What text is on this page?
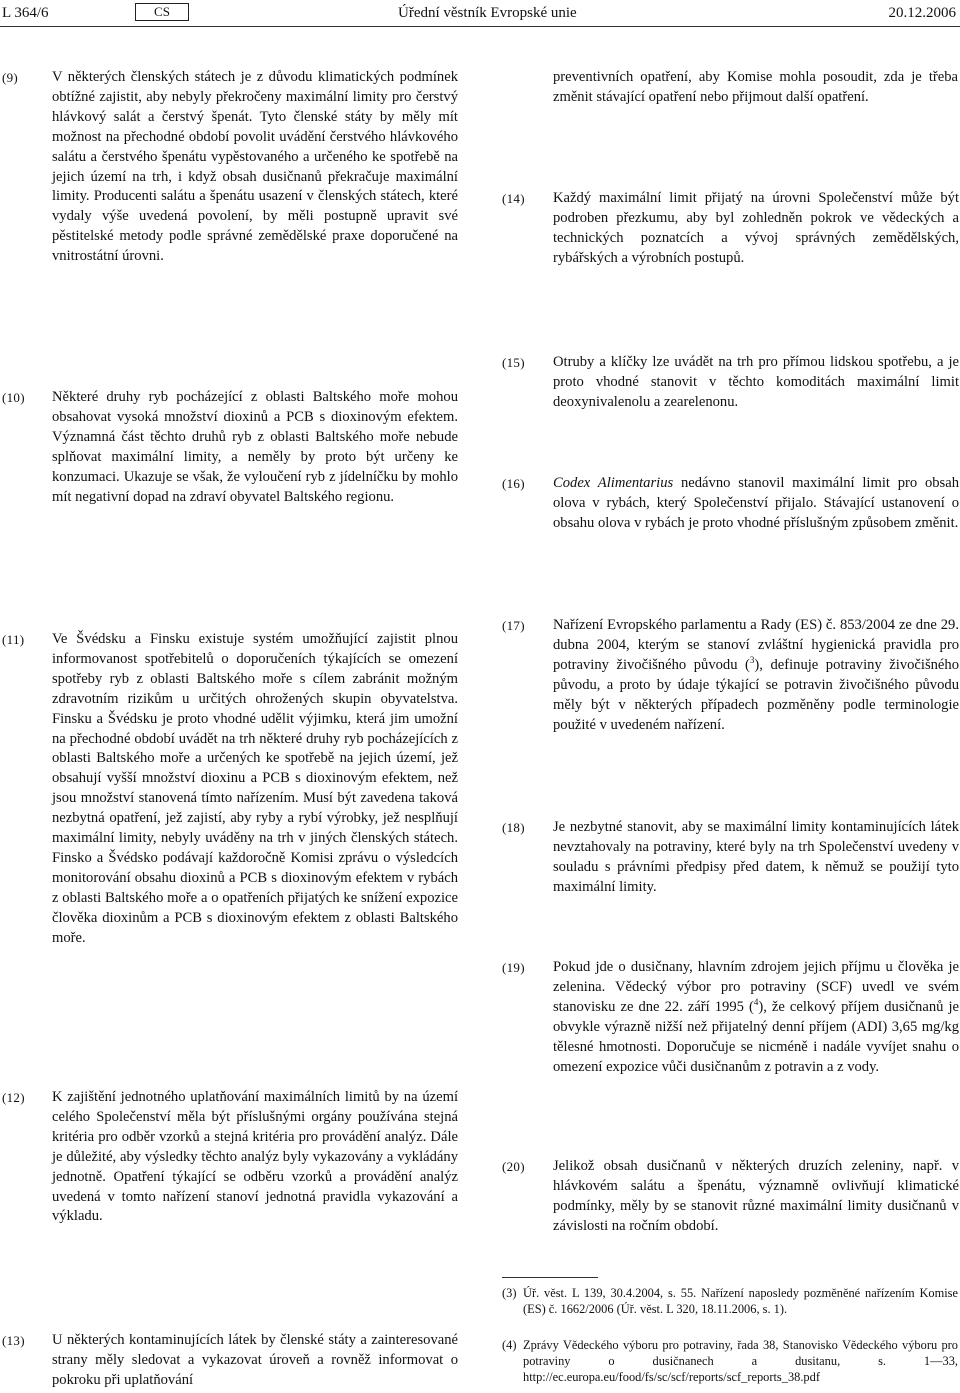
L 364/6	CS	Úřední věstník Evropské unie	20.12.2006
(9) V některých členských státech je z důvodu klimatických podmínek obtížné zajistit, aby nebyly překročeny maximální limity pro čerstvý hlávkový salát a čerstvý špenát. Tyto členské státy by měly mít možnost na přechodné období povolit uvádění čerstvého hlávkového salátu a čerstvého špenátu vypěstovaného a určeného ke spotřebě na jejich území na trh, i když obsah dusičnanů překračuje maximální limity. Producenti salátu a špenátu usazení v členských státech, které vydaly výše uvedená povolení, by měli postupně upravit své pěstitelské metody podle správné zemědělské praxe doporučené na vnitrostátní úrovni.
(10) Některé druhy ryb pocházející z oblasti Baltského moře mohou obsahovat vysoká množství dioxinů a PCB s dioxinovým efektem. Významná část těchto druhů ryb z oblasti Baltského moře nebude splňovat maximální limity, a neměly by proto být určeny ke konzumaci. Ukazuje se však, že vyloučení ryb z jídelníčku by mohlo mít negativní dopad na zdraví obyvatel Baltského regionu.
(11) Ve Švédsku a Finsku existuje systém umožňující zajistit plnou informovanost spotřebitelů o doporučeních týkajících se omezení spotřeby ryb z oblasti Baltského moře s cílem zabránit možným zdravotním rizikům u určitých ohrožených skupin obyvatelstva. Finsku a Švédsku je proto vhodné udělit výjimku, která jim umožní na přechodné období uvádět na trh některé druhy ryb pocházejících z oblasti Baltského moře a určených ke spotřebě na jejich území, jež obsahují vyšší množství dioxinu a PCB s dioxinovým efektem, než jsou množství stanovená tímto nařízením. Musí být zavedena taková nezbytná opatření, jež zajistí, aby ryby a rybí výrobky, jež nesplňují maximální limity, nebyly uváděny na trh v jiných členských státech. Finsko a Švédsko podávají každoročně Komisi zprávu o výsledcích monitorování obsahu dioxinů a PCB s dioxinovým efektem v rybách z oblasti Baltského moře a o opatřeních přijatých ke snížení expozice člověka dioxinům a PCB s dioxinovým efektem z oblasti Baltského moře.
(12) K zajištění jednotného uplatňování maximálních limitů by na území celého Společenství měla být příslušnými orgány používána stejná kritéria pro odběr vzorků a stejná kritéria pro provádění analýz. Dále je důležité, aby výsledky těchto analýz byly vykazovány a vykládány jednotně. Opatření týkající se odběru vzorků a provádění analýz uvedená v tomto nařízení stanoví jednotná pravidla vykazování a výkladu.
(13) U některých kontaminujících látek by členské státy a zainteresované strany měly sledovat a vykazovat úroveň a rovněž informovat o pokroku při uplatňování
preventivních opatření, aby Komise mohla posoudit, zda je třeba změnit stávající opatření nebo přijmout další opatření.
(14) Každý maximální limit přijatý na úrovni Společenství může být podroben přezkumu, aby byl zohledněn pokrok ve vědeckých a technických poznatcích a vývoj správných zemědělských, rybářských a výrobních postupů.
(15) Otruby a klíčky lze uvádět na trh pro přímou lidskou spotřebu, a je proto vhodné stanovit v těchto komoditách maximální limit deoxynivalenolu a zearelenonu.
(16) Codex Alimentarius nedávno stanovil maximální limit pro obsah olova v rybách, který Společenství přijalo. Stávající ustanovení o obsahu olova v rybách je proto vhodné příslušným způsobem změnit.
(17) Nařízení Evropského parlamentu a Rady (ES) č. 853/2004 ze dne 29. dubna 2004, kterým se stanoví zvláštní hygienická pravidla pro potraviny živočišného původu ($^3$), definuje potraviny živočišného původu, a proto by údaje týkající se potravin živočišného původu měly být v některých případech pozměněny podle terminologie použité v uvedeném nařízení.
(18) Je nezbytné stanovit, aby se maximální limity kontaminujících látek nevztahovaly na potraviny, které byly na trh Společenství uvedeny v souladu s právními předpisy před datem, k němuž se použijí tyto maximální limity.
(19) Pokud jde o dusičnany, hlavním zdrojem jejich příjmu u člověka je zelenina. Vědecký výbor pro potraviny (SCF) uvedl ve svém stanovisku ze dne 22. září 1995 ($^4$), že celkový příjem dusičnanů je obvykle výrazně nižší než přijatelný denní příjem (ADI) 3,65 mg/kg tělesné hmotnosti. Doporučuje se nicméně i nadále vyvíjet snahu o omezení expozice vůči dusičnanům z potravin a z vody.
(20) Jelikož obsah dusičnanů v některých druzích zeleniny, např. v hlávkovém salátu a špenátu, významně ovlivňují klimatické podmínky, měly by se stanovit různé maximální limity dusičnanů v závislosti na ročním období.
(3) Úř. věst. L 139, 30.4.2004, s. 55. Nařízení naposledy pozměněné nařízením Komise (ES) č. 1662/2006 (Úř. věst. L 320, 18.11.2006, s. 1).
(4) Zprávy Vědeckého výboru pro potraviny, řada 38, Stanovisko Vědeckého výboru pro potraviny o dusičnanech a dusitanu, s. 1—33, http://ec.europa.eu/food/fs/sc/scf/reports/scf_reports_38.pdf
